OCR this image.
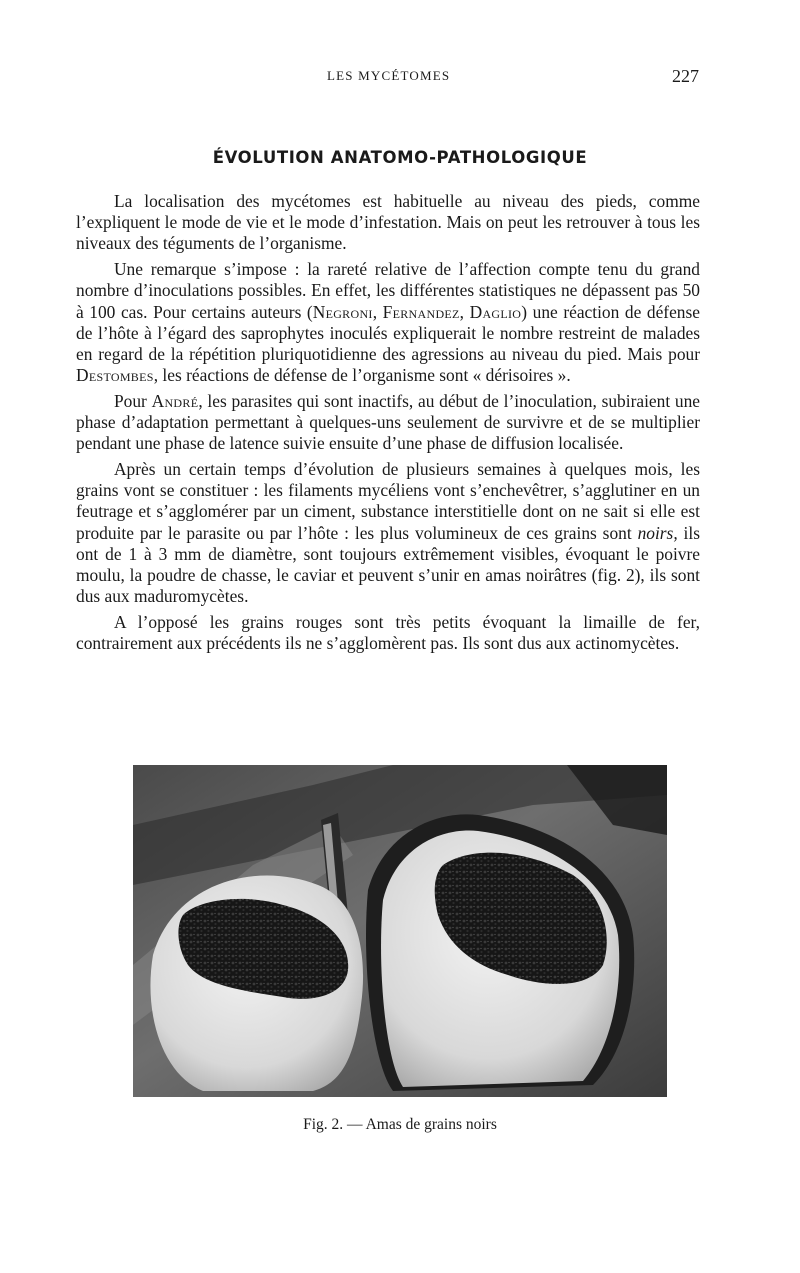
LES MYCÉTOMES	227
ÉVOLUTION ANATOMO-PATHOLOGIQUE

La localisation des mycétomes est habituelle au niveau des pieds, comme l’expliquent le mode de vie et le mode d’infestation. Mais on peut les retrouver à tous les niveaux des téguments de l’organisme.

Une remarque s’impose : la rareté relative de l’affection compte tenu du grand nombre d’inoculations possibles. En effet, les différentes statistiques ne dépassent pas 50 à 100 cas. Pour certains auteurs (Negroni, Fernandez, Daglio) une réaction de défense de l’hôte à l’égard des saprophytes inoculés expliquerait le nombre restreint de malades en regard de la répétition pluriquotidienne des agressions au niveau du pied. Mais pour Destombes, les réactions de défense de l’organisme sont « dérisoires ».

Pour André, les parasites qui sont inactifs, au début de l’inoculation, subiraient une phase d’adaptation permettant à quelques-uns seulement de survivre et de se multiplier pendant une phase de latence suivie ensuite d’une phase de diffusion localisée.

Après un certain temps d’évolution de plusieurs semaines à quelques mois, les grains vont se constituer : les filaments mycéliens vont s’enchevêtrer, s’agglutiner en un feutrage et s’agglomérer par un ciment, substance interstitielle dont on ne sait si elle est produite par le parasite ou par l’hôte : les plus volumineux de ces grains sont noirs, ils ont de 1 à 3 mm de diamètre, sont toujours extrêmement visibles, évoquant le poivre moulu, la poudre de chasse, le caviar et peuvent s’unir en amas noirâtres (fig. 2), ils sont dus aux maduromycètes.

A l’opposé les grains rouges sont très petits évoquant la limaille de fer, contrairement aux précédents ils ne s’agglomèrent pas. Ils sont dus aux actinomycètes.

Fig. 2. — Amas de grains noirs
